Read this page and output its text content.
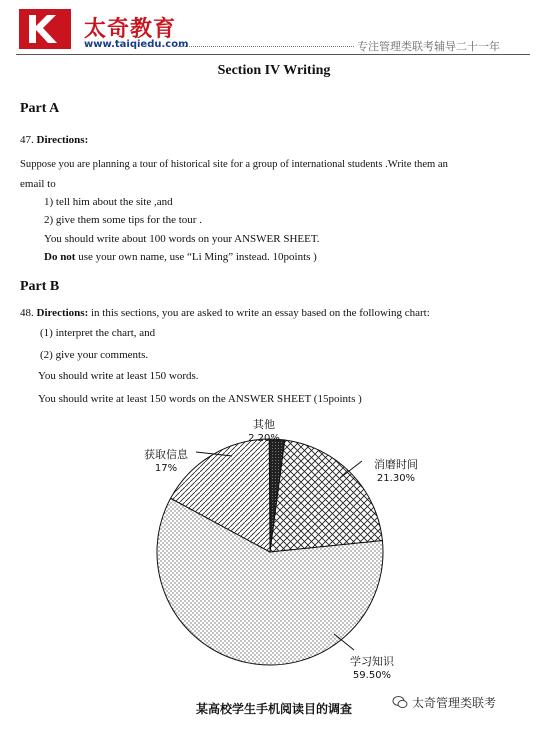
太奇教育
www.taiqiedu.com	专注管理类联考辅导二十一年
Section IV Writing
Part A
47. Directions:
Suppose you are planning a tour of historical site for a group of international students .Write them an
email to
1) tell him about the site ,and
2) give them some tips for the tour .
You should write about 100 words on your ANSWER SHEET.
Do not use your own name, use “Li Ming” instead. 10points )
Part B
48. Directions: in this sections, you are asked to write an essay based on the following chart:
(1) interpret the chart, and
(2) give your comments.
You should write at least 150 words.
You should write at least 150 words on the ANSWER SHEET (15points )
其他
2.20%
消磨时间
21.30%
学习知识
59.50%
获取信息
17%
某高校学生手机阅读目的调查	太奇管理类联考
